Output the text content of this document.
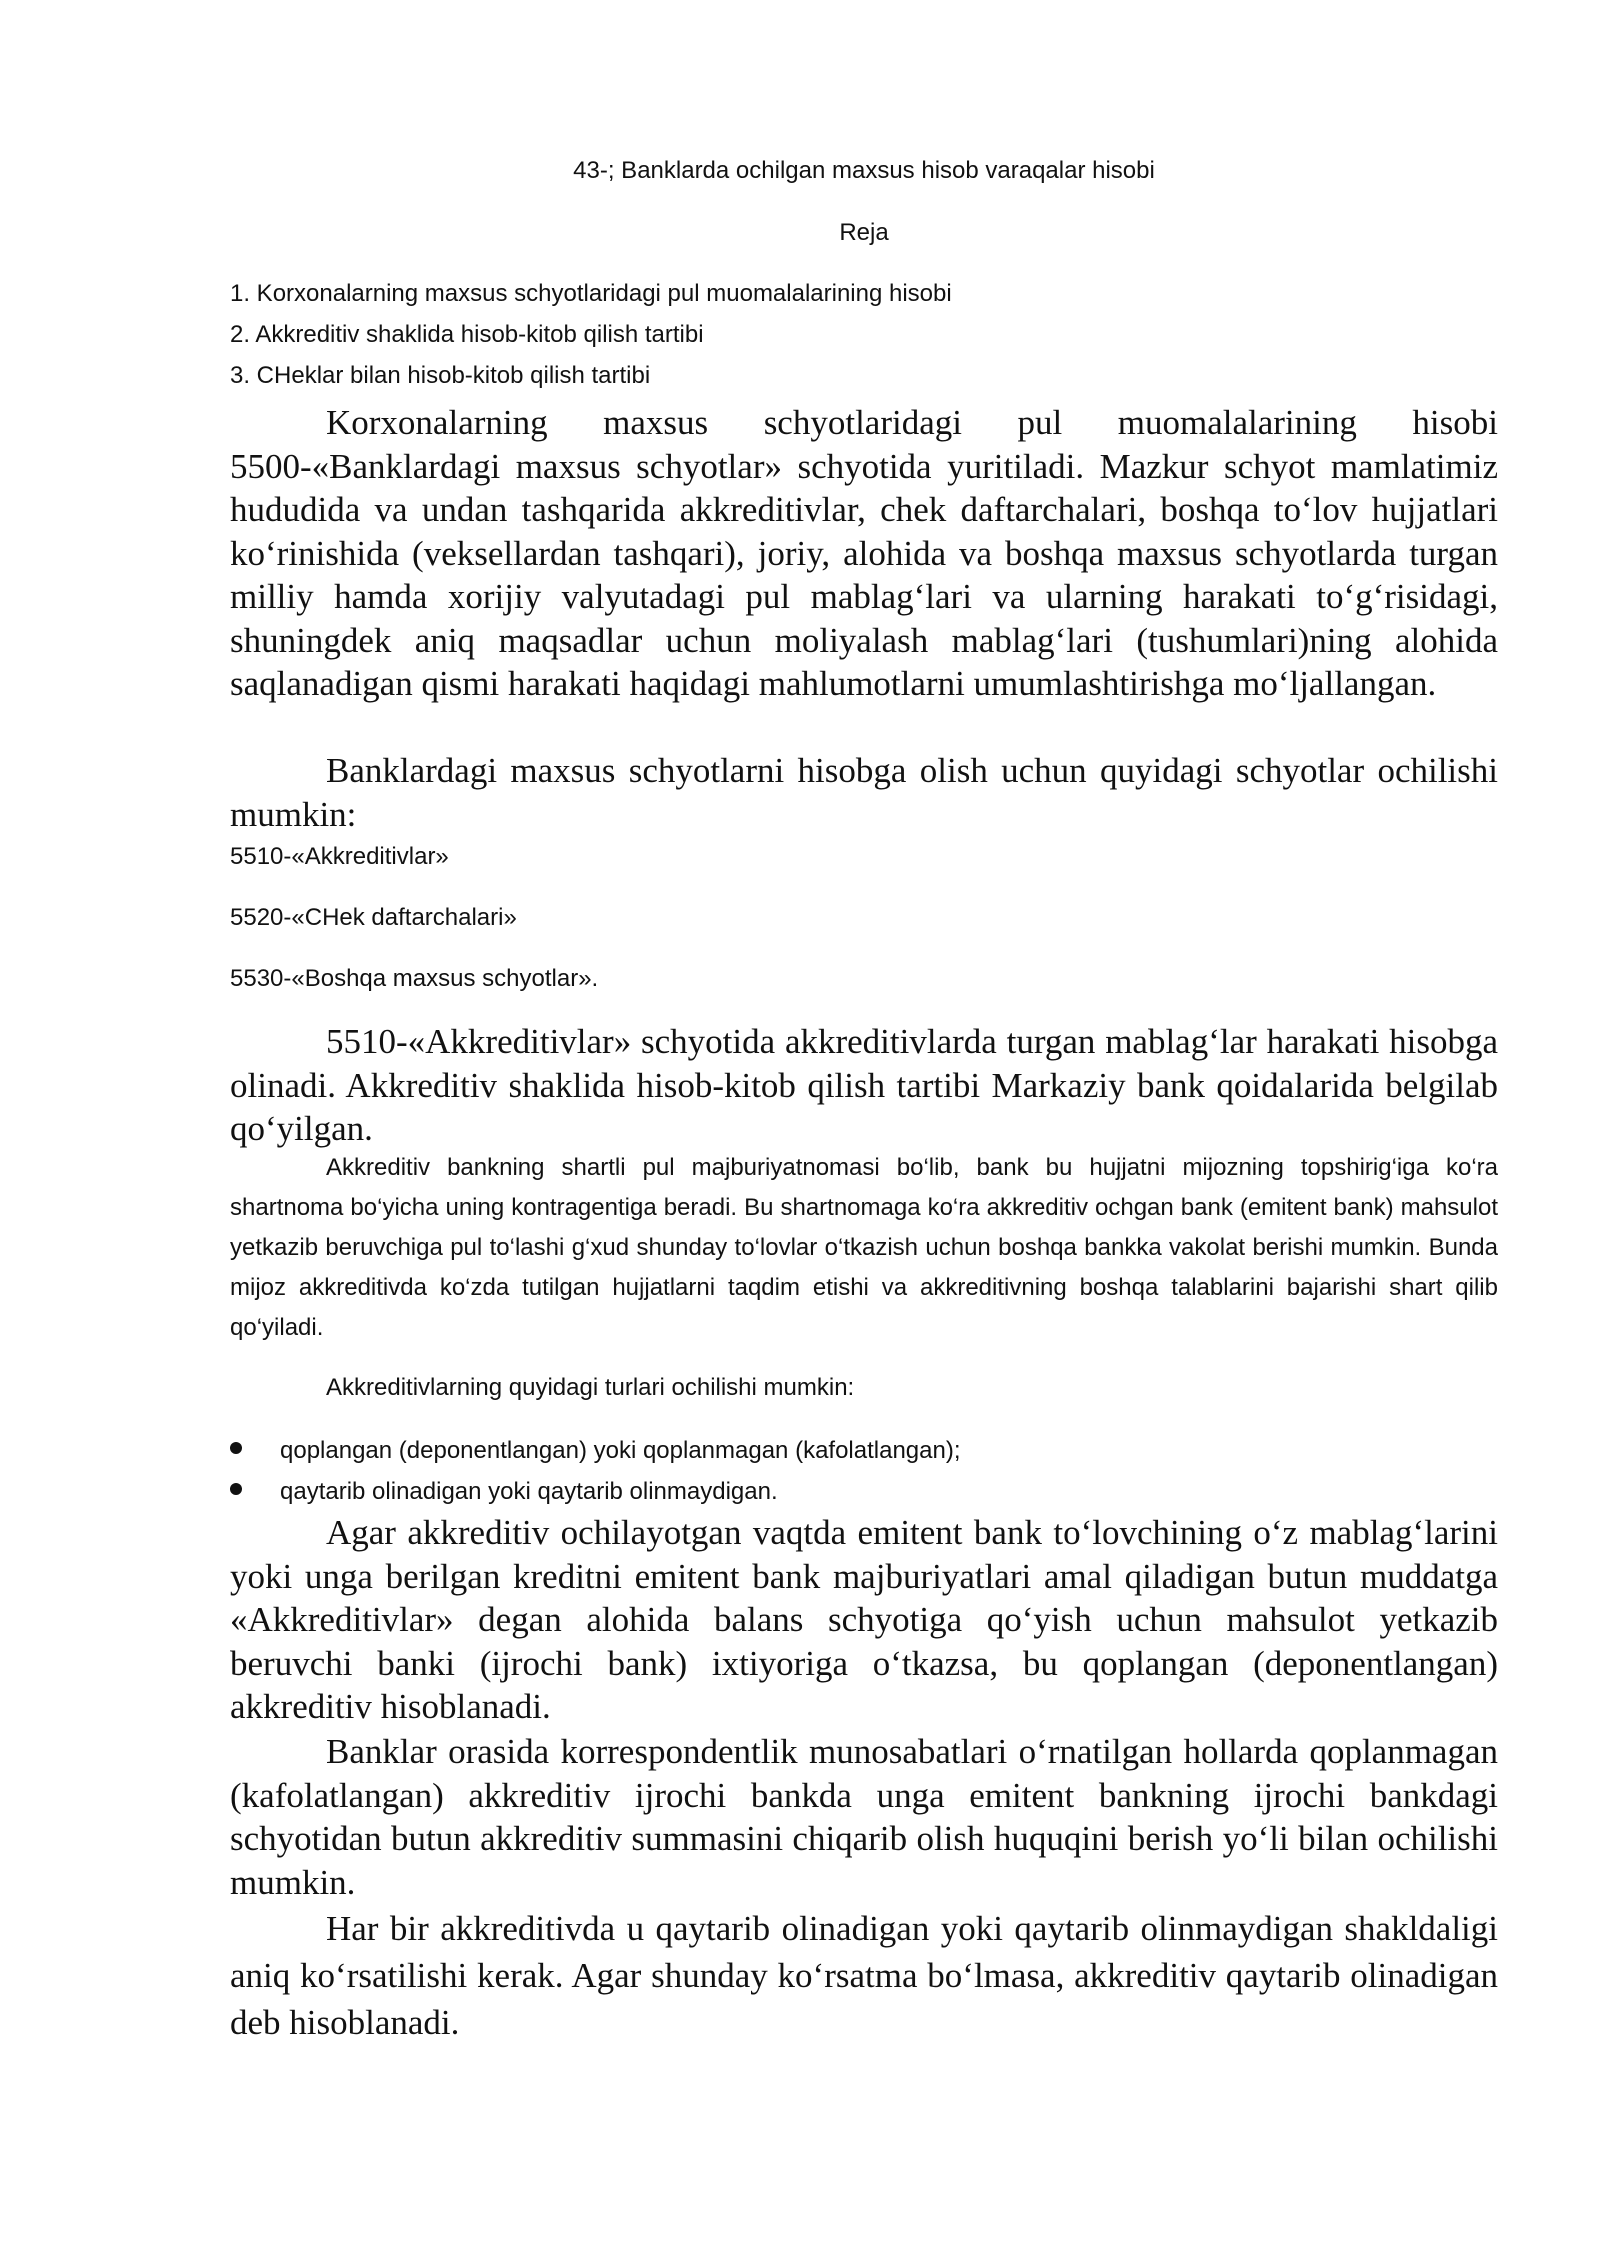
43-; Banklarda ochilgan maxsus hisob varaqalar hisobi

Reja

1. Korxonalarning maxsus schyotlaridagi pul muomalalarining hisobi

2. Akkreditiv shaklida hisob-kitob qilish tartibi

3. CHeklar bilan hisob-kitob qilish tartibi

Korxonalarning maxsus schyotlaridagi pul muomalalarining hisobi 5500-«Banklardagi maxsus schyotlar» schyotida yuritiladi. Mazkur schyot mamlatimiz hududida va undan tashqarida akkreditivlar, chek daftarchalari, boshqa to‘lov hujjatlari ko‘rinishida (veksellardan tashqari), joriy, alohida va boshqa maxsus schyotlarda turgan milliy hamda xorijiy valyutadagi pul mablag‘lari va ularning harakati to‘g‘risidagi, shuningdek aniq maqsadlar uchun moliyalash mablag‘lari (tushumlari)ning alohida saqlanadigan qismi harakati haqidagi mahlumotlarni umumlashtirishga mo‘ljallangan.

Banklardagi maxsus schyotlarni hisobga olish uchun quyidagi schyotlar ochilishi mumkin:

5510-«Akkreditivlar»

5520-«CHek daftarchalari»

5530-«Boshqa maxsus schyotlar».

5510-«Akkreditivlar» schyotida akkreditivlarda turgan mablag‘lar harakati hisobga olinadi. Akkreditiv shaklida hisob-kitob qilish tartibi Markaziy bank qoidalarida belgilab qo‘yilgan.

Akkreditiv bankning shartli pul majburiyatnomasi bo‘lib, bank bu hujjatni mijozning topshirig‘iga ko‘ra shartnoma bo‘yicha uning kontragentiga beradi. Bu shartnomaga ko‘ra akkreditiv ochgan bank (emitent bank) mahsulot yetkazib beruvchiga pul to‘lashi g‘xud shunday to‘lovlar o‘tkazish uchun boshqa bankka vakolat berishi mumkin. Bunda mijoz akkreditivda ko‘zda tutilgan hujjatlarni taqdim etishi va akkreditivning boshqa talablarini bajarishi shart qilib qo‘yiladi.

Akkreditivlarning quyidagi turlari ochilishi mumkin:

qoplangan (deponentlangan) yoki qoplanmagan (kafolatlangan);
qaytarib olinadigan yoki qaytarib olinmaydigan.

Agar akkreditiv ochilayotgan vaqtda emitent bank to‘lovchining o‘z mablag‘larini yoki unga berilgan kreditni emitent bank majburiyatlari amal qiladigan butun muddatga «Akkreditivlar» degan alohida balans schyotiga qo‘yish uchun mahsulot yetkazib beruvchi banki (ijrochi bank) ixtiyoriga o‘tkazsa, bu qoplangan (deponentlangan) akkreditiv hisoblanadi.

Banklar orasida korrespondentlik munosabatlari o‘rnatilgan hollarda qoplanmagan (kafolatlangan) akkreditiv ijrochi bankda unga emitent bankning ijrochi bankdagi schyotidan butun akkreditiv summasini chiqarib olish huquqini berish yo‘li bilan ochilishi mumkin.

Har bir akkreditivda u qaytarib olinadigan yoki qaytarib olinmaydigan shakldaligi aniq ko‘rsatilishi kerak. Agar shunday ko‘rsatma bo‘lmasa, akkreditiv qaytarib olinadigan deb hisoblanadi.
